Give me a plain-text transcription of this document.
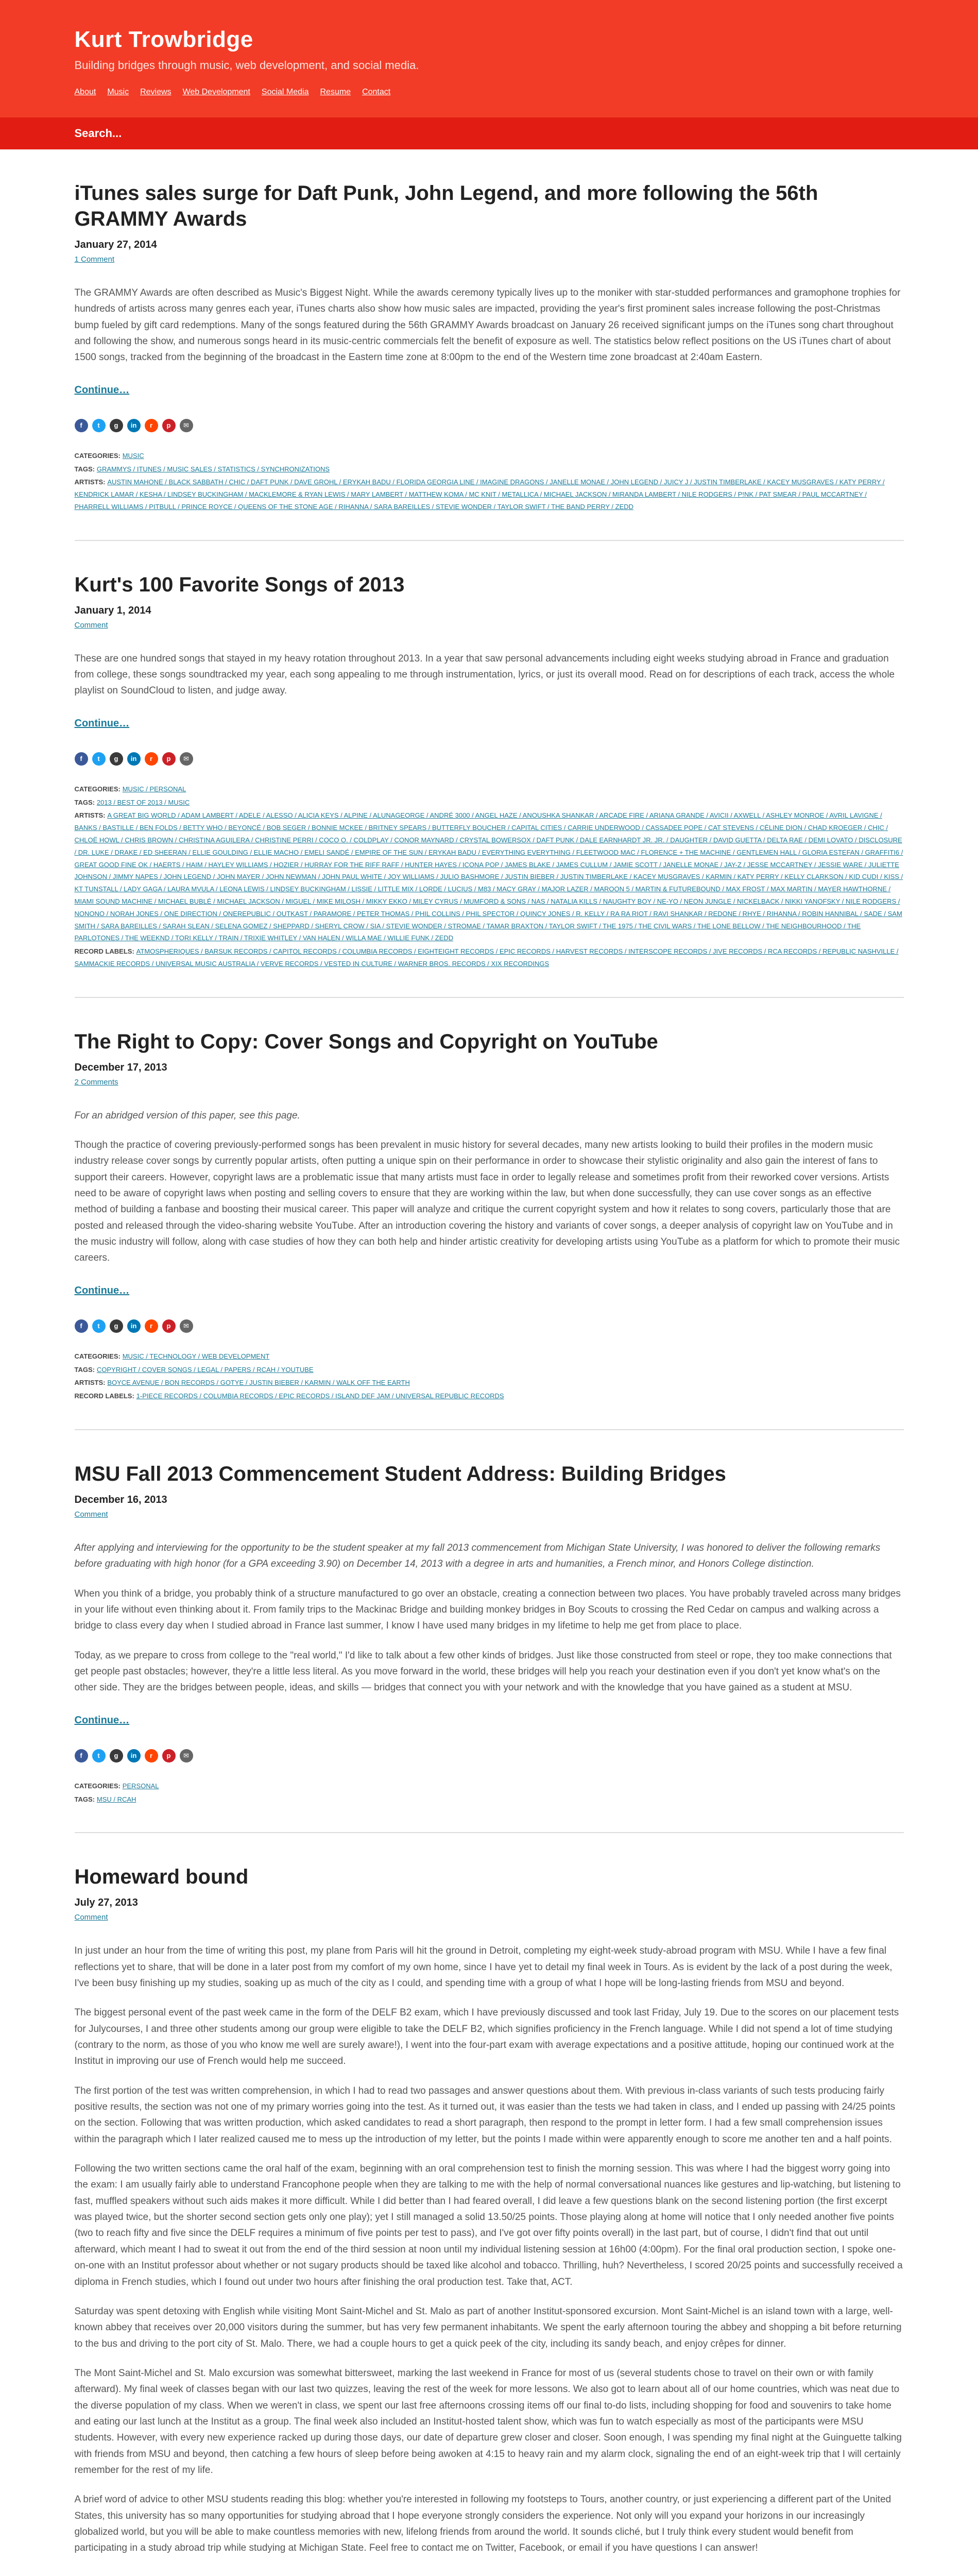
Kurt Trowbridge
Building bridges through music, web development, and social media.
About Music Reviews Web Development Social Media Resume Contact
Search...
iTunes sales surge for Daft Punk, John Legend, and more following the 56th GRAMMY Awards
January 27, 2014
1 Comment

The GRAMMY Awards are often described as Music's Biggest Night. While the awards ceremony typically lives up to the moniker with star-studded performances and gramophone trophies for hundreds of artists across many genres each year, iTunes charts also show how music sales are impacted, providing the year's first prominent sales increase following the post-Christmas bump fueled by gift card redemptions. Many of the songs featured during the 56th GRAMMY Awards broadcast on January 26 received significant jumps on the iTunes song chart throughout and following the show, and numerous songs heard in its music-centric commercials felt the benefit of exposure as well. The statistics below reflect positions on the US iTunes chart of about 1500 songs, tracked from the beginning of the broadcast in the Eastern time zone at 8:00pm to the end of the Western time zone broadcast at 2:40am Eastern.

Continue…
f	t	g	in	r	p	✉
CATEGORIES: MUSIC
TAGS: GRAMMYS / ITUNES / MUSIC SALES / STATISTICS / SYNCHRONIZATIONS
ARTISTS: AUSTIN MAHONE / BLACK SABBATH / CHIC / DAFT PUNK / DAVE GROHL / ERYKAH BADU / FLORIDA GEORGIA LINE / IMAGINE DRAGONS / JANELLE MONAE / JOHN LEGEND / JUICY J / JUSTIN TIMBERLAKE / KACEY MUSGRAVES / KATY PERRY / KENDRICK LAMAR / KESHA / LINDSEY BUCKINGHAM / MACKLEMORE & RYAN LEWIS / MARY LAMBERT / MATTHEW KOMA / MC KNIT / METALLICA / MICHAEL JACKSON / MIRANDA LAMBERT / NILE RODGERS / P!NK / PAT SMEAR / PAUL MCCARTNEY / PHARRELL WILLIAMS / PITBULL / PRINCE ROYCE / QUEENS OF THE STONE AGE / RIHANNA / SARA BAREILLES / STEVIE WONDER / TAYLOR SWIFT / THE BAND PERRY / ZEDD
Kurt's 100 Favorite Songs of 2013
January 1, 2014
Comment

These are one hundred songs that stayed in my heavy rotation throughout 2013. In a year that saw personal advancements including eight weeks studying abroad in France and graduation from college, these songs soundtracked my year, each song appealing to me through instrumentation, lyrics, or just its overall mood. Read on for descriptions of each track, access the whole playlist on SoundCloud to listen, and judge away.

Continue…
f	t	g	in	r	p	✉
CATEGORIES: MUSIC / PERSONAL
TAGS: 2013 / BEST OF 2013 / MUSIC
ARTISTS: A GREAT BIG WORLD / ADAM LAMBERT / ADELE / ALESSO / ALICIA KEYS / ALPINE / ALUNAGEORGE / ANDRÉ 3000 / ANGEL HAZE / ANOUSHKA SHANKAR / ARCADE FIRE / ARIANA GRANDE / AVICII / AXWELL / ASHLEY MONROE / AVRIL LAVIGNE / BANKS / BASTILLE / BEN FOLDS / BETTY WHO / BEYONCÉ / BOB SEGER / BONNIE MCKEE / BRITNEY SPEARS / BUTTERFLY BOUCHER / CAPITAL CITIES / CARRIE UNDERWOOD / CASSADEE POPE / CAT STEVENS / CÉLINE DION / CHAD KROEGER / CHIC / CHLOË HOWL / CHRIS BROWN / CHRISTINA AGUILERA / CHRISTINE PERRI / COCO O. / COLDPLAY / CONOR MAYNARD / CRYSTAL BOWERSOX / DAFT PUNK / DALE EARNHARDT JR. JR. / DAUGHTER / DAVID GUETTA / DELTA RAE / DEMI LOVATO / DISCLOSURE / DR. LUKE / DRAKE / ED SHEERAN / ELLIE GOULDING / ELLIE MACHO / EMELI SANDÉ / EMPIRE OF THE SUN / ERYKAH BADU / EVERYTHING EVERYTHING / FLEETWOOD MAC / FLORENCE + THE MACHINE / GENTLEMEN HALL / GLORIA ESTEFAN / GRAFFITI6 / GREAT GOOD FINE OK / HAERTS / HAIM / HAYLEY WILLIAMS / HOZIER / HURRAY FOR THE RIFF RAFF / HUNTER HAYES / ICONA POP / JAMES BLAKE / JAMES CULLUM / JAMIE SCOTT / JANELLE MONAE / JAY-Z / JESSE MCCARTNEY / JESSIE WARE / JULIETTE JOHNSON / JIMMY NAPES / JOHN LEGEND / JOHN MAYER / JOHN NEWMAN / JOHN PAUL WHITE / JOY WILLIAMS / JULIO BASHMORE / JUSTIN BIEBER / JUSTIN TIMBERLAKE / KACEY MUSGRAVES / KARMIN / KATY PERRY / KELLY CLARKSON / KID CUDI / KISS / KT TUNSTALL / LADY GAGA / LAURA MVULA / LEONA LEWIS / LINDSEY BUCKINGHAM / LISSIE / LITTLE MIX / LORDE / LUCIUS / M83 / MACY GRAY / MAJOR LAZER / MAROON 5 / MARTIN & FUTUREBOUND / MAX FROST / MAX MARTIN / MAYER HAWTHORNE / MIAMI SOUND MACHINE / MICHAEL BUBLÉ / MICHAEL JACKSON / MIGUEL / MIKE MILOSH / MIKKY EKKO / MILEY CYRUS / MUMFORD & SONS / NAS / NATALIA KILLS / NAUGHTY BOY / NE-YO / NEON JUNGLE / NICKELBACK / NIKKI YANOFSKY / NILE RODGERS / NONONO / NORAH JONES / ONE DIRECTION / ONEREPUBLIC / OUTKAST / PARAMORE / PETER THOMAS / PHIL COLLINS / PHIL SPECTOR / QUINCY JONES / R. KELLY / RA RA RIOT / RAVI SHANKAR / REDONE / RHYE / RIHANNA / ROBIN HANNIBAL / SADE / SAM SMITH / SARA BAREILLES / SARAH SLEAN / SELENA GOMEZ / SHEPPARD / SHERYL CROW / SIA / STEVIE WONDER / STROMAE / TAMAR BRAXTON / TAYLOR SWIFT / THE 1975 / THE CIVIL WARS / THE LONE BELLOW / THE NEIGHBOURHOOD / THE PARLOTONES / THE WEEKND / TORI KELLY / TRAIN / TRIXIE WHITLEY / VAN HALEN / WILLA MAE / WILLIE FUNK / ZEDD
RECORD LABELS: ATMOSPHERIQUES / BARSUK RECORDS / CAPITOL RECORDS / COLUMBIA RECORDS / EIGHTEIGHT RECORDS / EPIC RECORDS / HARVEST RECORDS / INTERSCOPE RECORDS / JIVE RECORDS / RCA RECORDS / REPUBLIC NASHVILLE / SAMMACKIE RECORDS / UNIVERSAL MUSIC AUSTRALIA / VERVE RECORDS / VESTED IN CULTURE / WARNER BROS. RECORDS / XIX RECORDINGS
The Right to Copy: Cover Songs and Copyright on YouTube
December 17, 2013
2 Comments

For an abridged version of this paper, see this page.

Though the practice of covering previously-performed songs has been prevalent in music history for several decades, many new artists looking to build their profiles in the modern music industry release cover songs by currently popular artists, often putting a unique spin on their performance in order to showcase their stylistic originality and also gain the interest of fans to support their careers. However, copyright laws are a problematic issue that many artists must face in order to legally release and sometimes profit from their reworked cover versions. Artists need to be aware of copyright laws when posting and selling covers to ensure that they are working within the law, but when done successfully, they can use cover songs as an effective method of building a fanbase and boosting their musical career. This paper will analyze and critique the current copyright system and how it relates to song covers, particularly those that are posted and released through the video-sharing website YouTube. After an introduction covering the history and variants of cover songs, a deeper analysis of copyright law on YouTube and in the music industry will follow, along with case studies of how they can both help and hinder artistic creativity for developing artists using YouTube as a platform for which to promote their music careers.

Continue…
f	t	g	in	r	p	✉
CATEGORIES: MUSIC / TECHNOLOGY / WEB DEVELOPMENT
TAGS: COPYRIGHT / COVER SONGS / LEGAL / PAPERS / RCAH / YOUTUBE
ARTISTS: BOYCE AVENUE / BON RECORDS / GOTYE / JUSTIN BIEBER / KARMIN / WALK OFF THE EARTH
RECORD LABELS: 1-PIECE RECORDS / COLUMBIA RECORDS / EPIC RECORDS / ISLAND DEF JAM / UNIVERSAL REPUBLIC RECORDS
MSU Fall 2013 Commencement Student Address: Building Bridges
December 16, 2013
Comment

After applying and interviewing for the opportunity to be the student speaker at my fall 2013 commencement from Michigan State University, I was honored to deliver the following remarks before graduating with high honor (for a GPA exceeding 3.90) on December 14, 2013 with a degree in arts and humanities, a French minor, and Honors College distinction.

When you think of a bridge, you probably think of a structure manufactured to go over an obstacle, creating a connection between two places. You have probably traveled across many bridges in your life without even thinking about it. From family trips to the Mackinac Bridge and building monkey bridges in Boy Scouts to crossing the Red Cedar on campus and walking across a bridge to class every day when I studied abroad in France last summer, I know I have used many bridges in my lifetime to help me get from place to place.

Today, as we prepare to cross from college to the "real world," I'd like to talk about a few other kinds of bridges. Just like those constructed from steel or rope, they too make connections that get people past obstacles; however, they're a little less literal. As you move forward in the world, these bridges will help you reach your destination even if you don't yet know what's on the other side. They are the bridges between people, ideas, and skills — bridges that connect you with your network and with the knowledge that you have gained as a student at MSU.

Continue…
f	t	g	in	r	p	✉
CATEGORIES: PERSONAL
TAGS: MSU / RCAH
Homeward bound
July 27, 2013
Comment

In just under an hour from the time of writing this post, my plane from Paris will hit the ground in Detroit, completing my eight-week study-abroad program with MSU. While I have a few final reflections yet to share, that will be done in a later post from my comfort of my own home, since I have yet to detail my final week in Tours. As is evident by the lack of a post during the week, I've been busy finishing up my studies, soaking up as much of the city as I could, and spending time with a group of what I hope will be long-lasting friends from MSU and beyond.

The biggest personal event of the past week came in the form of the DELF B2 exam, which I have previously discussed and took last Friday, July 19. Due to the scores on our placement tests for Julycourses, I and three other students among our group were eligible to take the DELF B2, which signifies proficiency in the French language. While I did not spend a lot of time studying (contrary to the norm, as those of you who know me well are surely aware!), I went into the four-part exam with average expectations and a positive attitude, hoping our continued work at the Institut in improving our use of French would help me succeed.

The first portion of the test was written comprehension, in which I had to read two passages and answer questions about them. With previous in-class variants of such tests producing fairly positive results, the section was not one of my primary worries going into the test. As it turned out, it was easier than the tests we had taken in class, and I ended up passing with 24/25 points on the section. Following that was written production, which asked candidates to read a short paragraph, then respond to the prompt in letter form. I had a few small comprehension issues within the paragraph which I later realized caused me to mess up the introduction of my letter, but the points I made within were apparently enough to score me another ten and a half points.

Following the two written sections came the oral half of the exam, beginning with an oral comprehension test to finish the morning session. This was where I had the biggest worry going into the exam: I am usually fairly able to understand Francophone people when they are talking to me with the help of normal conversational nuances like gestures and lip-watching, but listening to fast, muffled speakers without such aids makes it more difficult. While I did better than I had feared overall, I did leave a few questions blank on the second listening portion (the first excerpt was played twice, but the shorter second section gets only one play); yet I still managed a solid 13.50/25 points. Those playing along at home will notice that I only needed another five points (two to reach fifty and five since the DELF requires a minimum of five points per test to pass), and I've got over fifty points overall) in the last part, but of course, I didn't find that out until afterward, which meant I had to sweat it out from the end of the third session at noon until my individual listening session at 16h00 (4:00pm). For the final oral production section, I spoke one-on-one with an Institut professor about whether or not sugary products should be taxed like alcohol and tobacco. Thrilling, huh? Nevertheless, I scored 20/25 points and successfully received a diploma in French studies, which I found out under two hours after finishing the oral production test. Take that, ACT.

Saturday was spent detoxing with English while visiting Mont Saint-Michel and St. Malo as part of another Institut-sponsored excursion. Mont Saint-Michel is an island town with a large, well-known abbey that receives over 20,000 visitors during the summer, but has very few permanent inhabitants. We spent the early afternoon touring the abbey and shopping a bit before returning to the bus and driving to the port city of St. Malo. There, we had a couple hours to get a quick peek of the city, including its sandy beach, and enjoy crêpes for dinner.

The Mont Saint-Michel and St. Malo excursion was somewhat bittersweet, marking the last weekend in France for most of us (several students chose to travel on their own or with family afterward). My final week of classes began with our last two quizzes, leaving the rest of the week for more lessons. We also got to learn about all of our home countries, which was neat due to the diverse population of my class. When we weren't in class, we spent our last free afternoons crossing items off our final to-do lists, including shopping for food and souvenirs to take home and eating our last lunch at the Institut as a group. The final week also included an Institut-hosted talent show, which was fun to watch especially as most of the participants were MSU students. However, with every new experience racked up during those days, our date of departure grew closer and closer. Soon enough, I was spending my final night at the Guinguette talking with friends from MSU and beyond, then catching a few hours of sleep before being awoken at 4:15 to heavy rain and my alarm clock, signaling the end of an eight-week trip that I will certainly remember for the rest of my life.

A brief word of advice to other MSU students reading this blog: whether you're interested in following my footsteps to Tours, another country, or just experiencing a different part of the United States, this university has so many opportunities for studying abroad that I hope everyone strongly considers the experience. Not only will you expand your horizons in our increasingly globalized world, but you will be able to make countless memories with new, lifelong friends from around the world. It sounds cliché, but I truly think every student would benefit from participating in a study abroad trip while studying at Michigan State. Feel free to contact me on Twitter, Facebook, or email if you have questions I can answer!
